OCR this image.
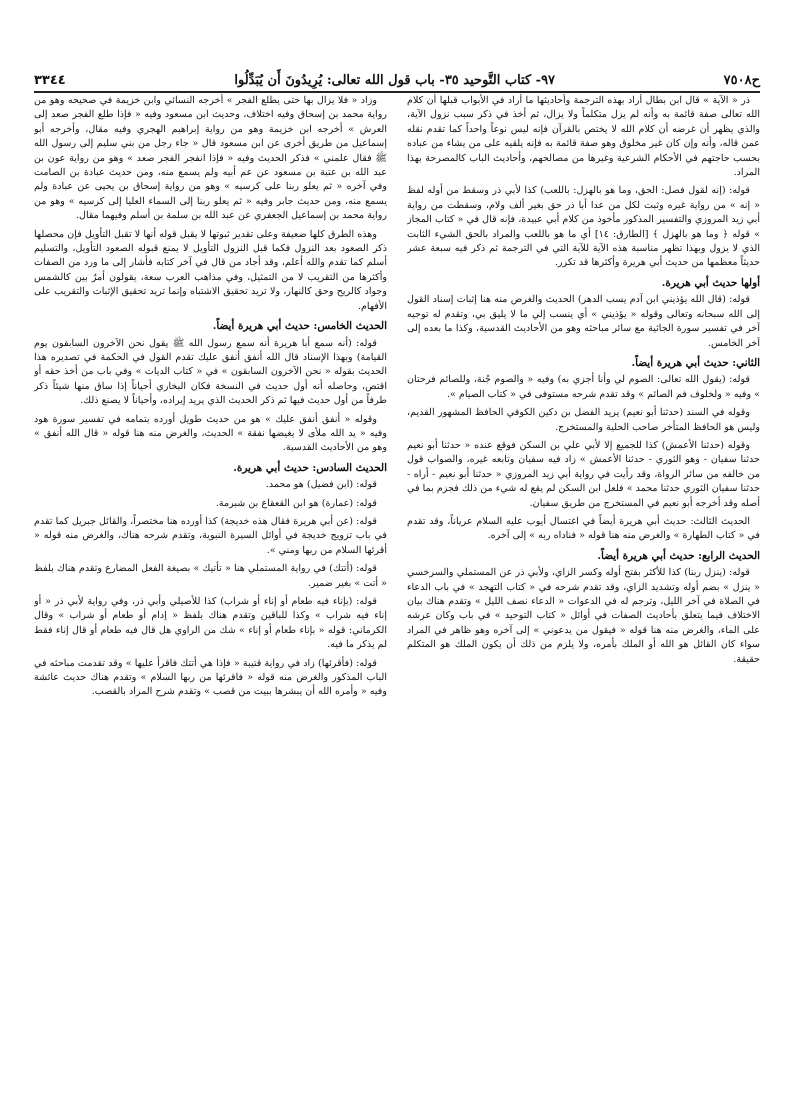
ح٧٥٠٨
٩٧- كتاب التَّوحيد ٣٥- باب قول الله تعالى: يُرِيدُونَ أَن يُبَدِّلُوا
٣٣٤٤

ذر « الآية » قال ابن بطال أراد بهذه الترجمة وأحاديثها ما أراد في الأبواب قبلها أن كلام الله تعالى صفة قائمة به وأنه لم يزل متكلماً ولا يزال، ثم أخذ في ذكر سبب نزول الآية، والذي يظهر أن غرضه أن كلام الله لا يختص بالقرآن فإنه ليس نوعاً واحداً كما تقدم نقله عمن قاله، وأنه وإن كان غير مخلوق وهو صفة قائمة به فإنه يلقيه على من يشاء من عباده بحسب حاجتهم في الأحكام الشرعية وغيرها من مصالحهم، وأحاديث الباب كالمصرحة بهذا المراد.

قوله: (إنه لقول فصل: الحق، وما هو بالهزل: باللعب) كذا لأبي ذر وسقط من أوله لفظ « إنه » من رواية غيره وثبت لكل من عدا أبا ذر حق بغير ألف ولام، وسقطت من رواية أبي زيد المروزي والتفسير المذكور مأخوذ من كلام أبي عبيدة، فإنه قال في « كتاب المجاز » قوله ﴿ وما هو بالهزل ﴾ [الطارق: ١٤] أي ما هو باللعب والمراد بالحق الشيء الثابت الذي لا يزول وبهذا تظهر مناسبة هذه الآية للآية التي في الترجمة ثم ذكر فيه سبعة عشر حديثاً معظمها من حديث أبي هريرة وأكثرها قد تكرر.

أولها حديث أبي هريرة.

قوله: (قال الله يؤذيني ابن آدم يسب الدهر) الحديث والغرض منه هنا إثبات إسناد القول إلى الله سبحانه وتعالى وقوله « يؤذيني » أي ينسب إلي ما لا يليق بي، وتقدم له توجيه آخر في تفسير سورة الجاثية مع سائر مباحثه وهو من الأحاديث القدسية، وكذا ما بعده إلى آخر الخامس.

الثاني: حديث أبي هريرة أيضاً.

قوله: (يقول الله تعالى: الصوم لي وأنا أجزي به) وفيه « والصوم جُنة، وللصائم فرحتان » وفيه « ولخلوف فم الصائم » وقد تقدم شرحه مستوفى في « كتاب الصيام ».

وقوله في السند (حدثنا أبو نعيم) يريد الفضل بن دكين الكوفي الحافظ المشهور القديم، وليس هو الحافظ المتأخر صاحب الحلية والمستخرج.

وقوله (حدثنا الأعمش) كذا للجميع إلا لأبي علي بن السكن فوقع عنده « حدثنا أبو نعيم حدثنا سفيان - وهو الثوري - حدثنا الأعمش » زاد فيه سفيان وتابعه غيره، والصواب قول من خالفه من سائر الرواة، وقد رأيت في رواية أبي زيد المروزي « حدثنا أبو نعيم - أراه - حدثنا سفيان الثوري حدثنا محمد » فلعل ابن السكن لم يقع له شيء من ذلك فجزم بما في أصله وقد أخرجه أبو نعيم في المستخرج من طريق سفيان.

الحديث الثالث: حديث أبي هريرة أيضاً في اغتسال أيوب عليه السلام عرياناً، وقد تقدم في « كتاب الطهارة » والغرض منه هنا قوله « فناداه ربه » إلى آخره.

الحديث الرابع: حديث أبي هريرة أيضاً.

قوله: (ينزل ربنا) كذا للأكثر بفتح أوله وكسر الزاي، ولأبي ذر عن المستملي والسرخسي « ينزل » بضم أوله وتشديد الزاي، وقد تقدم شرحه في « كتاب التهجد » في باب الدعاء في الصلاة في آخر الليل، وترجم له في الدعوات « الدعاء نصف الليل » وتقدم هناك بيان الاختلاف فيما يتعلق بأحاديث الصفات في أوائل « كتاب التوحيد » في باب وكان عرشه على الماء، والغرض منه هنا قوله « فيقول من يدعوني » إلى آخره وهو ظاهر في المراد سواء كان القائل هو الله أو الملك بأمره، ولا يلزم من ذلك أن يكون الملك هو المتكلم حقيقة.

وزاد « فلا يزال بها حتى يطلع الفجر » أخرجه النسائي وابن خزيمة في صحيحه وهو من رواية محمد بن إسحاق وفيه اختلاف، وحديث ابن مسعود وفيه « فإذا طلع الفجر صعد إلى العرش » أخرجه ابن خزيمة وهو من رواية إبراهيم الهجري وفيه مقال، وأخرجه أبو إسماعيل من طريق أخرى عن ابن مسعود قال « جاء رجل من بني سليم إلى رسول الله ﷺ فقال علمني » فذكر الحديث وفيه « فإذا انفجر الفجر صعد » وهو من رواية عون بن عبد الله بن عتبة بن مسعود عن عم أبيه ولم يسمع منه، ومن حديث عبادة بن الصامت وفي آخره « ثم يعلو ربنا على كرسيه » وهو من رواية إسحاق بن يحيى عن عبادة ولم يسمع منه، ومن حديث جابر وفيه « ثم يعلو ربنا إلى السماء العليا إلى كرسيه » وهو من رواية محمد بن إسماعيل الجعفري عن عبد الله بن سلمة بن أسلم وفيهما مقال.

وهذه الطرق كلها ضعيفة وعلى تقدير ثبوتها لا يقبل قوله أنها لا تقبل التأويل فإن محصلها ذكر الصعود بعد النزول فكما قبل النزول التأويل لا يمنع قبوله الصعود التأويل، والتسليم أسلم كما تقدم والله أعلم، وقد أجاد من قال في آخر كتابه فأشار إلى ما ورد من الصفات وأكثرها من التقريب لا من التمثيل، وفي مذاهب العرب سعة، يقولون أمرٌ بين كالشمس وجواد كالريح وحق كالنهار، ولا تريد تحقيق الاشتباه وإنما تريد تحقيق الإثبات والتقريب على الأفهام.

الحديث الخامس: حديث أبي هريرة أيضاً.

قوله: (أنه سمع أبا هريرة أنه سمع رسول الله ﷺ يقول نحن الآخرون السابقون يوم القيامة) وبهذا الإسناد قال الله أنفق أنفق عليك تقدم القول في الحكمة في تصديره هذا الحديث بقوله « نحن الآخرون السابقون » في « كتاب الديات » وفي باب من أخذ حقه أو اقتص، وحاصله أنه أول حديث في النسخة فكان البخاري أحياناً إذا ساق منها شيئاً ذكر طرفاً من أول حديث فيها ثم ذكر الحديث الذي يريد إيراده، وأحياناً لا يصنع ذلك.

وقوله « أنفق أنفق عليك » هو من حديث طويل أورده بتمامه في تفسير سورة هود وفيه « يد الله ملأى لا يغيضها نفقة » الحديث، والغرض منه هنا قوله « قال الله أنفق » وهو من الأحاديث القدسية.

الحديث السادس: حديث أبي هريرة.

قوله: (ابن فضيل) هو محمد.

قوله: (عمارة) هو ابن القعقاع بن شبرمة.

قوله: (عن أبي هريرة فقال هذه خديجة) كذا أورده هنا مختصراً، والقائل جبريل كما تقدم في باب تزويج خديجة في أوائل السيرة النبوية، وتقدم شرحه هناك، والغرض منه قوله « أقرئها السلام من ربها ومني ».

قوله: (أتتك) في رواية المستملي هنا « تأتيك » بصيغة الفعل المضارع وتقدم هناك بلفظ « أتت » بغير ضمير.

قوله: (بإناء فيه طعام أو إناء أو شراب) كذا للأصيلي وأبي ذر، وفي رواية لأبي ذر « أو إناء فيه شراب » وكذا للباقين وتقدم هناك بلفظ « إدام أو طعام أو شراب » وقال الكرماني: قوله « بإناء طعام أو إناء » شك من الراوي هل قال فيه طعام أو قال إناء فقط لم يذكر ما فيه.

قوله: (فأقرئها) زاد في رواية قتيبة « فإذا هي أتتك فاقرأ عليها » وقد تقدمت مباحثه في الباب المذكور والغرض منه قوله « فاقرئها من ربها السلام » وتقدم هناك حديث عائشة وفيه « وأمره الله أن يبشرها ببيت من قصب » وتقدم شرح المراد بالقصب.
